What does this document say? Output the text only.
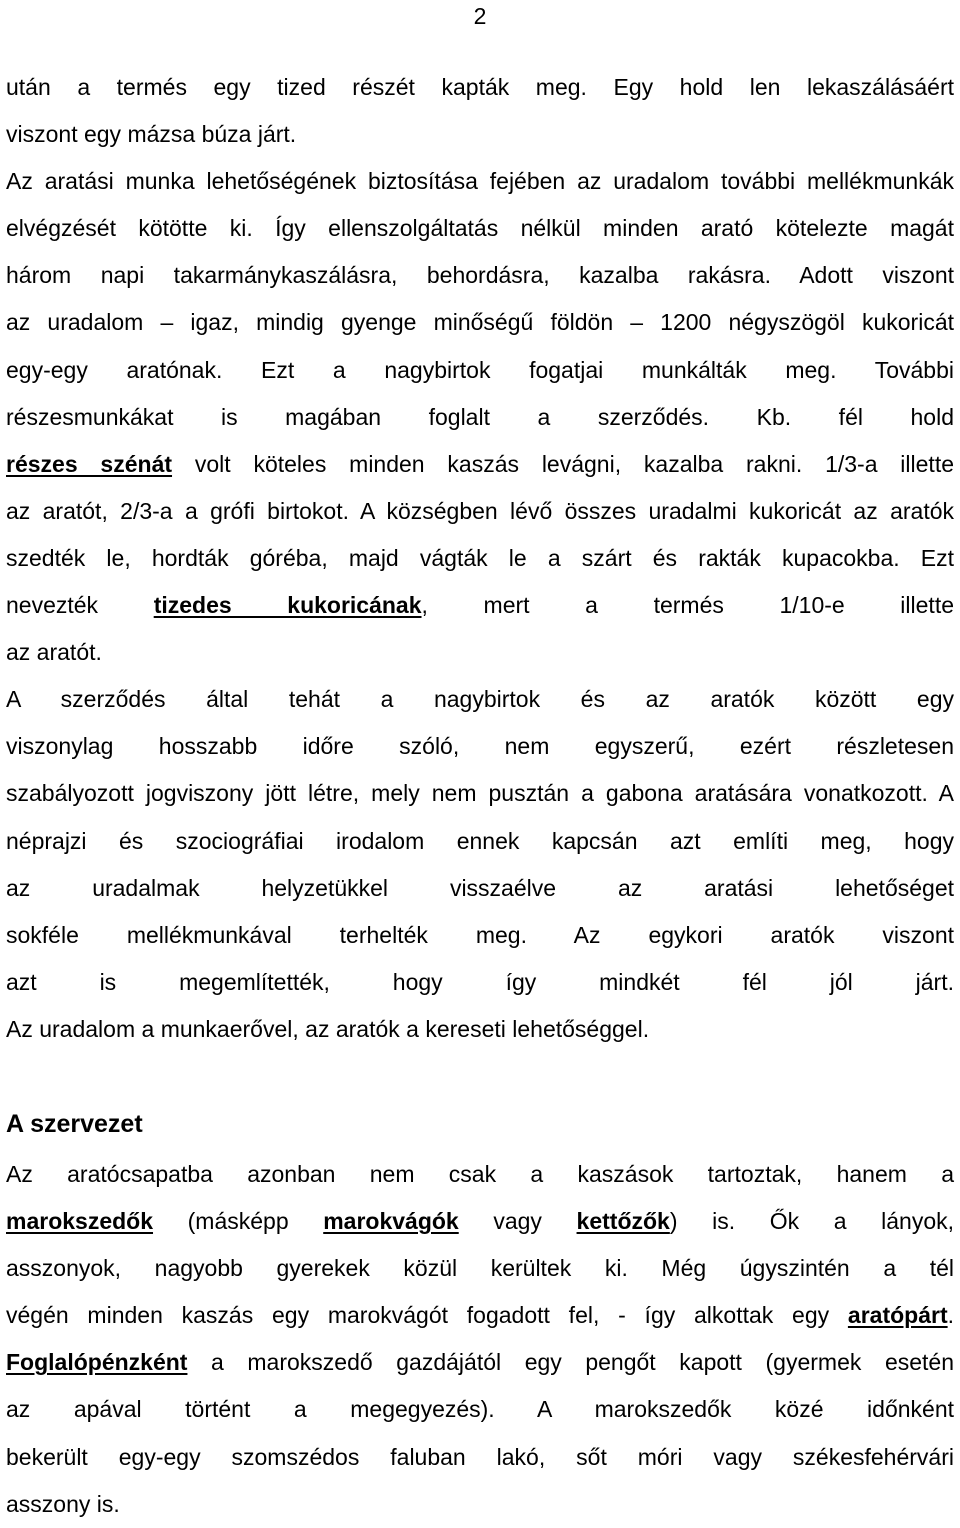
2
után a termés egy tized részét kapták meg. Egy hold len lekaszálásáért
viszont egy mázsa búza járt.
Az aratási munka lehetőségének biztosítása fejében az uradalom további mellékmunkák
elvégzését kötötte ki. Így ellenszolgáltatás nélkül minden arató kötelezte magát
három napi takarmánykaszálásra, behordásra, kazalba rakásra. Adott viszont
az uradalom – igaz, mindig gyenge minőségű földön – 1200 négyszögöl kukoricát
egy-egy aratónak. Ezt a nagybirtok fogatjai munkálták meg. További
részesmunkákat is magában foglalt a szerződés. Kb. fél hold
részes szénát volt köteles minden kaszás levágni, kazalba rakni. 1/3-a illette
az aratót, 2/3-a a grófi birtokot. A községben lévő összes uradalmi kukoricát az aratók
szedték le, hordták góréba, majd vágták le a szárt és rakták kupacokba. Ezt
nevezték tizedes kukoricának, mert a termés 1/10-e illette
az aratót.
A szerződés által tehát a nagybirtok és az aratók között egy
viszonylag hosszabb időre szóló, nem egyszerű, ezért részletesen
szabályozott jogviszony jött létre, mely nem pusztán a gabona aratására vonatkozott. A
néprajzi és szociográfiai irodalom ennek kapcsán azt említi meg, hogy
az uradalmak helyzetükkel visszaélve az aratási lehetőséget
sokféle mellékmunkával terhelték meg. Az egykori aratók viszont
azt is megemlítették, hogy így mindkét fél jól járt.
Az uradalom a munkaerővel, az aratók a kereseti lehetőséggel.
A szervezet
Az aratócsapatba azonban nem csak a kaszások tartoztak, hanem a
marokszedők (másképp marokvágók vagy kettőzők) is. Ők a lányok,
asszonyok, nagyobb gyerekek közül kerültek ki. Még úgyszintén a tél
végén minden kaszás egy marokvágót fogadott fel, - így alkottak egy aratópárt.
Foglalópénzként a marokszedő gazdájától egy pengőt kapott (gyermek esetén
az apával történt a megegyezés). A marokszedők közé időnként
bekerült egy-egy szomszédos faluban lakó, sőt móri vagy székesfehérvári
asszony is.
